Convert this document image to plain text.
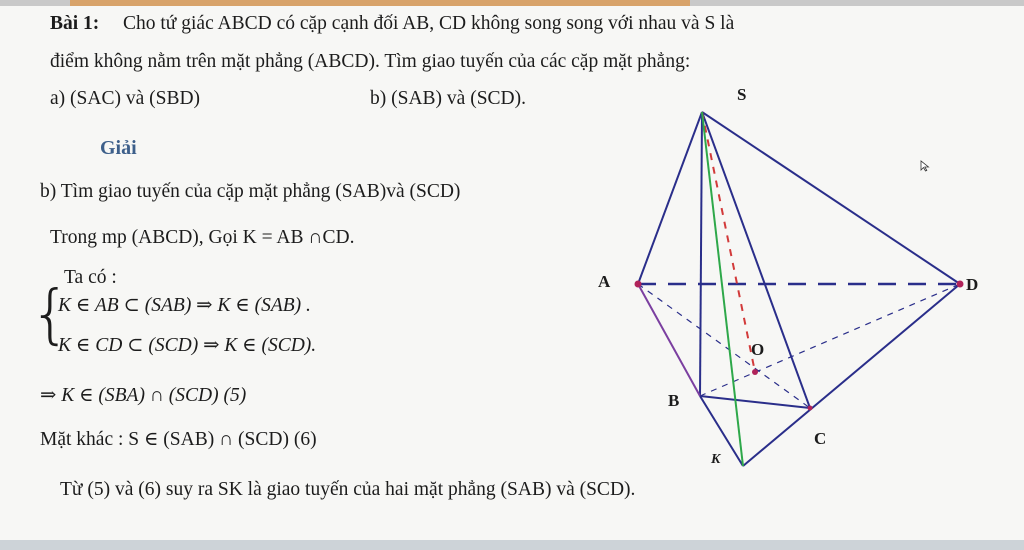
Bài 1: Cho tứ giác ABCD có cặp cạnh đối AB, CD không song song với nhau và S là
điểm không nằm trên mặt phẳng (ABCD). Tìm giao tuyến của các cặp mặt phẳng:
a) (SAC) và (SBD)	b) (SAB) và (SCD).
Giải
b) Tìm giao tuyến của cặp mặt phẳng (SAB)và (SCD)
Trong mp (ABCD), Gọi K = AB ∩CD.
Ta có :
{
K ∈ AB ⊂ (SAB) ⇒ K ∈ (SAB) .
K ∈ CD ⊂ (SCD) ⇒ K ∈ (SCD).
⇒ K ∈ (SBA) ∩ (SCD) (5)
Mặt khác : S ∈ (SAB) ∩ (SCD) (6)
Từ (5) và (6) suy ra SK là giao tuyến của hai mặt phẳng (SAB) và (SCD).
S
A	D
O
B
C
K
